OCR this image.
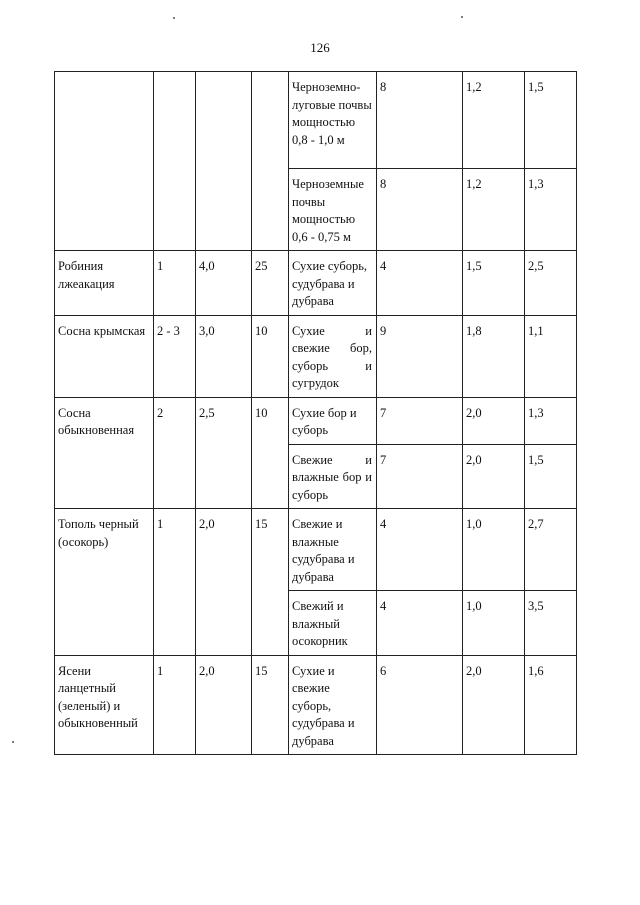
126
				Черноземно-луговые почвы мощностью 0,8 - 1,0 м	8	1,2	1,5
				Черноземные почвы мощностью 0,6 - 0,75 м	8	1,2	1,3
Робиния лжеакация	1	4,0	25	Сухие суборь, судубрава и дубрава	4	1,5	2,5
Сосна крымская	2 - 3	3,0	10	Сухие и свежие бор, суборь и сугрудок	9	1,8	1,1
Сосна обыкновенная	2	2,5	10	Сухие бор и суборь	7	2,0	1,3
				Свежие и влажные бор и суборь	7	2,0	1,5
Тополь черный (осокорь)	1	2,0	15	Свежие и влажные судубрава и дубрава	4	1,0	2,7
				Свежий и влажный осокорник	4	1,0	3,5
Ясени ланцетный (зеленый) и обыкновенный	1	2,0	15	Сухие и свежие суборь, судубрава и дубрава	6	2,0	1,6
